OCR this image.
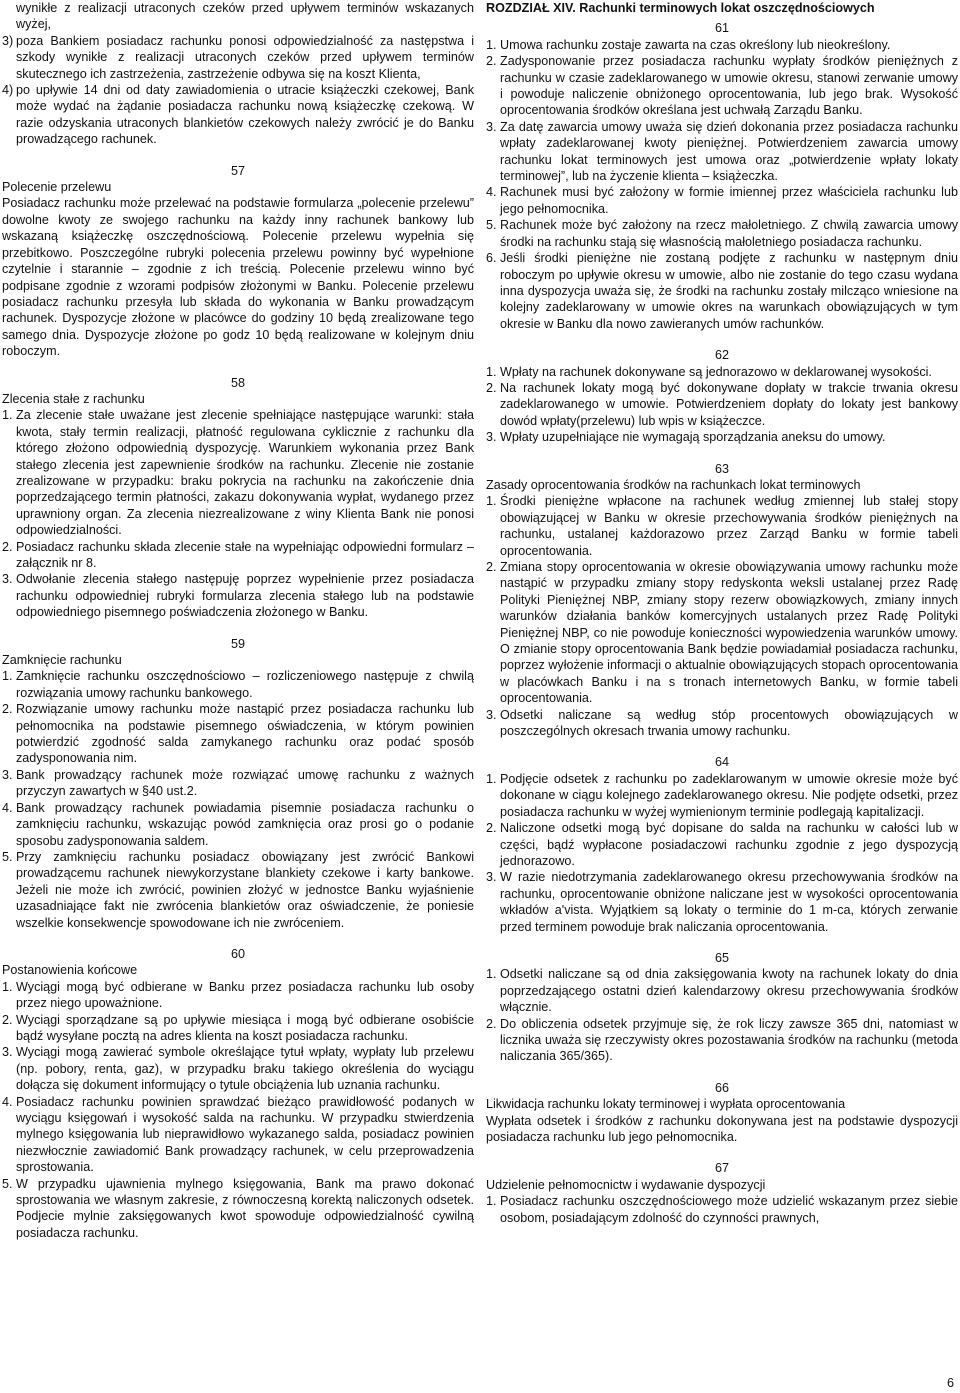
wynikłe z realizacji utraconych czeków przed upływem terminów wskazanych wyżej,
3) poza Bankiem posiadacz rachunku ponosi odpowiedzialność za następstwa i szkody wynikłe z realizacji utraconych czeków przed upływem terminów skutecznego ich zastrzeżenia, zastrzeżenie odbywa się na koszt Klienta,
4) po upływie 14 dni od daty zawiadomienia o utracie książeczki czekowej, Bank może wydać na żądanie posiadacza rachunku nową książeczkę czekową. W razie odzyskania utraconych blankietów czekowych należy zwrócić je do Banku prowadzącego rachunek.
57

Polecenie przelewu

Posiadacz rachunku może przelewać na podstawie formularza „polecenie przelewu” dowolne kwoty ze swojego rachunku na każdy inny rachunek bankowy lub wskazaną książeczkę oszczędnościową. Polecenie przelewu wypełnia się przebitkowo. Poszczególne rubryki polecenia przelewu powinny być wypełnione czytelnie i starannie – zgodnie z ich treścią. Polecenie przelewu winno być podpisane zgodnie z wzorami podpisów złożonymi w Banku. Polecenie przelewu posiadacz rachunku przesyła lub składa do wykonania w Banku prowadzącym rachunek. Dyspozycje złożone w placówce do godziny 10 będą zrealizowane tego samego dnia. Dyspozycje złożone po godz 10 będą realizowane w kolejnym dniu roboczym.

58

Zlecenia stałe z rachunku

1. Za zlecenie stałe uważane jest zlecenie spełniające następujące warunki: stała kwota, stały termin realizacji, płatność regulowana cyklicznie z rachunku dla którego złożono odpowiednią dyspozycję. Warunkiem wykonania przez Bank stałego zlecenia jest zapewnienie środków na rachunku. Zlecenie nie zostanie zrealizowane w przypadku: braku pokrycia na rachunku na zakończenie dnia poprzedzającego termin płatności, zakazu dokonywania wypłat, wydanego przez uprawniony organ. Za zlecenia niezrealizowane z winy Klienta Bank nie ponosi odpowiedzialności.
2. Posiadacz rachunku składa zlecenie stałe na wypełniając odpowiedni formularz – załącznik nr 8.
3. Odwołanie zlecenia stałego następuję poprzez wypełnienie przez posiadacza rachunku odpowiedniej rubryki formularza zlecenia stałego lub na podstawie odpowiedniego pisemnego poświadczenia złożonego w Banku.
59

Zamknięcie rachunku

1. Zamknięcie rachunku oszczędnościowo – rozliczeniowego następuje z chwilą rozwiązania umowy rachunku bankowego.
2. Rozwiązanie umowy rachunku może nastąpić przez posiadacza rachunku lub pełnomocnika na podstawie pisemnego oświadczenia, w którym powinien potwierdzić zgodność salda zamykanego rachunku oraz podać sposób zadysponowania nim.
3. Bank prowadzący rachunek może rozwiązać umowę rachunku z ważnych przyczyn zawartych w §40 ust.2.
4. Bank prowadzący rachunek powiadamia pisemnie posiadacza rachunku o zamknięciu rachunku, wskazując powód zamknięcia oraz prosi go o podanie sposobu zadysponowania saldem.
5. Przy zamknięciu rachunku posiadacz obowiązany jest zwrócić Bankowi prowadzącemu rachunek niewykorzystane blankiety czekowe i karty bankowe. Jeżeli nie może ich zwrócić, powinien złożyć w jednostce Banku wyjaśnienie uzasadniające fakt nie zwrócenia blankietów oraz oświadczenie, że poniesie wszelkie konsekwencje spowodowane ich nie zwróceniem.
60

Postanowienia końcowe

1. Wyciągi mogą być odbierane w Banku przez posiadacza rachunku lub osoby przez niego upoważnione.
2. Wyciągi sporządzane są po upływie miesiąca i mogą być odbierane osobiście bądź wysyłane pocztą na adres klienta na koszt posiadacza rachunku.
3. Wyciągi mogą zawierać symbole określające tytuł wpłaty, wypłaty lub przelewu (np. pobory, renta, gaz), w przypadku braku takiego określenia do wyciągu dołącza się dokument informujący o tytule obciążenia lub uznania rachunku.
4. Posiadacz rachunku powinien sprawdzać bieżąco prawidłowość podanych w wyciągu księgowań i wysokość salda na rachunku. W przypadku stwierdzenia mylnego księgowania lub nieprawidłowo wykazanego salda, posiadacz powinien niezwłocznie zawiadomić Bank prowadzący rachunek, w celu przeprowadzenia sprostowania.
5. W przypadku ujawnienia mylnego księgowania, Bank ma prawo dokonać sprostowania we własnym zakresie, z równoczesną korektą naliczonych odsetek. Podjecie mylnie zaksięgowanych kwot spowoduje odpowiedzialność cywilną posiadacza rachunku.

ROZDZIAŁ XIV. Rachunki terminowych lokat oszczędnościowych

61
1. Umowa rachunku zostaje zawarta na czas określony lub nieokreślony.
2. Zadysponowanie przez posiadacza rachunku wypłaty środków pieniężnych z rachunku w czasie zadeklarowanego w umowie okresu, stanowi zerwanie umowy i powoduje naliczenie obniżonego oprocentowania, lub jego brak. Wysokość oprocentowania środków określana jest uchwałą Zarządu Banku.
3. Za datę zawarcia umowy uważa się dzień dokonania przez posiadacza rachunku wpłaty zadeklarowanej kwoty pieniężnej. Potwierdzeniem zawarcia umowy rachunku lokat terminowych jest umowa oraz „potwierdzenie wpłaty lokaty terminowej”, lub na życzenie klienta – książeczka.
4. Rachunek musi być założony w formie imiennej przez właściciela rachunku lub jego pełnomocnika.
5. Rachunek może być założony na rzecz małoletniego. Z chwilą zawarcia umowy środki na rachunku stają się własnością małoletniego posiadacza rachunku.
6. Jeśli środki pieniężne nie zostaną podjęte z rachunku w następnym dniu roboczym po upływie okresu w umowie, albo nie zostanie do tego czasu wydana inna dyspozycja uważa się, że środki na rachunku zostały milcząco wniesione na kolejny zadeklarowany w umowie okres na warunkach obowiązujących w tym okresie w Banku dla nowo zawieranych umów rachunków.
62
1. Wpłaty na rachunek dokonywane są jednorazowo w deklarowanej wysokości.
2. Na rachunek lokaty mogą być dokonywane dopłaty w trakcie trwania okresu zadeklarowanego w umowie. Potwierdzeniem dopłaty do lokaty jest bankowy dowód wpłaty(przelewu) lub wpis w książeczce.
3. Wpłaty uzupełniające nie wymagają sporządzania aneksu do umowy.
63

Zasady oprocentowania środków na rachunkach lokat terminowych

1. Środki pieniężne wpłacone na rachunek według zmiennej lub stałej stopy obowiązującej w Banku w okresie przechowywania środków pieniężnych na rachunku, ustalanej każdorazowo przez Zarząd Banku w formie tabeli oprocentowania.
2. Zmiana stopy oprocentowania w okresie obowiązywania umowy rachunku może nastąpić w przypadku zmiany stopy redyskonta weksli ustalanej przez Radę Polityki Pieniężnej NBP, zmiany stopy rezerw obowiązkowych, zmiany innych warunków działania banków komercyjnych ustalanych przez Radę Polityki Pieniężnej NBP, co nie powoduje konieczności wypowiedzenia warunków umowy. O zmianie stopy oprocentowania Bank będzie powiadamiał posiadacza rachunku, poprzez wyłożenie informacji o aktualnie obowiązujących stopach oprocentowania w placówkach Banku i na s tronach internetowych Banku, w formie tabeli oprocentowania.
3. Odsetki naliczane są według stóp procentowych obowiązujących w poszczególnych okresach trwania umowy rachunku.
64
1. Podjęcie odsetek z rachunku po zadeklarowanym w umowie okresie może być dokonane w ciągu kolejnego zadeklarowanego okresu. Nie podjęte odsetki, przez posiadacza rachunku w wyżej wymienionym terminie podlegają kapitalizacji.
2. Naliczone odsetki mogą być dopisane do salda na rachunku w całości lub w części, bądź wypłacone posiadaczowi rachunku zgodnie z jego dyspozycją jednorazowo.
3. W razie niedotrzymania zadeklarowanego okresu przechowywania środków na rachunku, oprocentowanie obniżone naliczane jest w wysokości oprocentowania wkładów a'vista. Wyjątkiem są lokaty o terminie do 1 m-ca, których zerwanie przed terminem powoduje brak naliczania oprocentowania.
65
1. Odsetki naliczane są od dnia zaksięgowania kwoty na rachunek lokaty do dnia poprzedzającego ostatni dzień kalendarzowy okresu przechowywania środków włącznie.
2. Do obliczenia odsetek przyjmuje się, że rok liczy zawsze 365 dni, natomiast w licznika uważa się rzeczywisty okres pozostawania środków na rachunku (metoda naliczania 365/365).
66

Likwidacja rachunku lokaty terminowej i wypłata oprocentowania

Wypłata odsetek i środków z rachunku dokonywana jest na podstawie dyspozycji posiadacza rachunku lub jego pełnomocnika.

67

Udzielenie pełnomocnictw i wydawanie dyspozycji

1. Posiadacz rachunku oszczędnościowego może udzielić wskazanym przez siebie osobom, posiadającym zdolność do czynności prawnych,
6
